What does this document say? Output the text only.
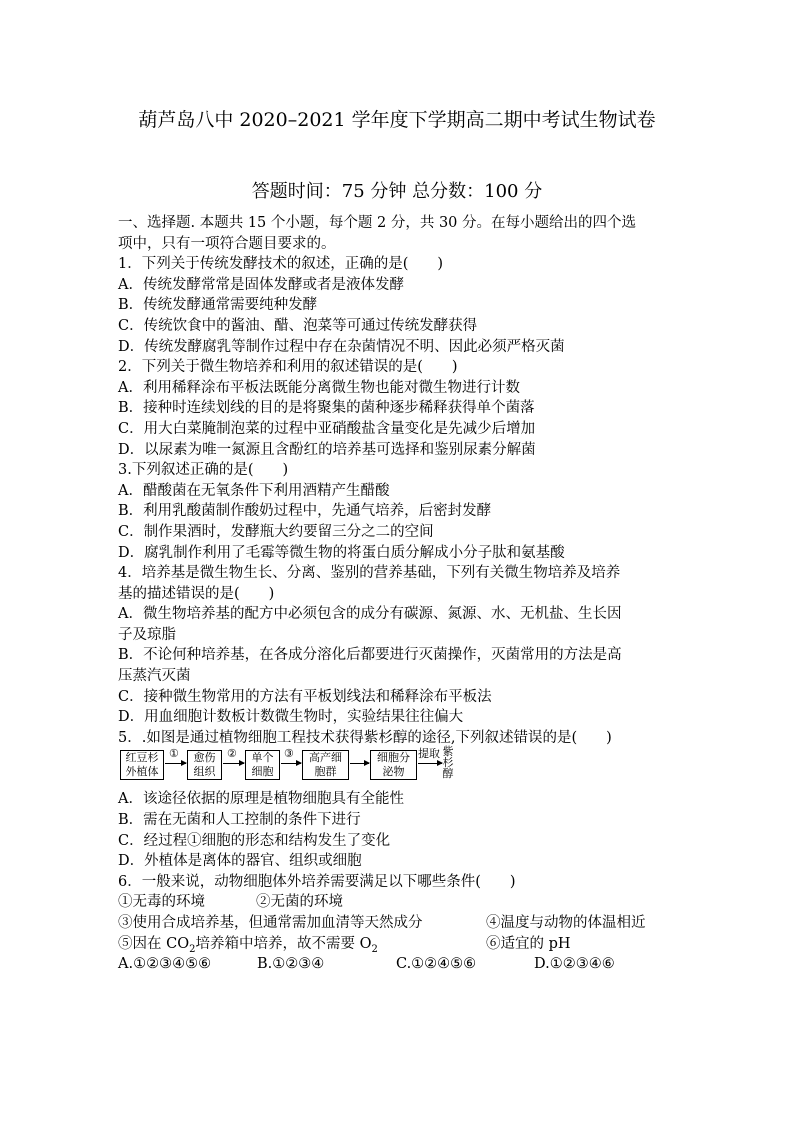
葫芦岛八中 2020–2021 学年度下学期高二期中考试生物试卷
答题时间：75 分钟 总分数：100 分
一、选择题. 本题共 15 个小题，每个题 2 分，共 30 分。在每小题给出的四个选
项中，只有一项符合题目要求的。
1．下列关于传统发酵技术的叙述，正确的是(　　)
A．传统发酵常常是固体发酵或者是液体发酵
B．传统发酵通常需要纯种发酵
C．传统饮食中的酱油、醋、泡菜等可通过传统发酵获得
D．传统发酵腐乳等制作过程中存在杂菌情况不明、因此必须严格灭菌
2．下列关于微生物培养和利用的叙述错误的是(　　)
A．利用稀释涂布平板法既能分离微生物也能对微生物进行计数
B．接种时连续划线的目的是将聚集的菌种逐步稀释获得单个菌落
C．用大白菜腌制泡菜的过程中亚硝酸盐含量变化是先减少后增加
D．以尿素为唯一氮源且含酚红的培养基可选择和鉴别尿素分解菌
3.下列叙述正确的是(　　)
A．醋酸菌在无氧条件下利用酒精产生醋酸
B．利用乳酸菌制作酸奶过程中，先通气培养，后密封发酵
C．制作果酒时，发酵瓶大约要留三分之二的空间
D．腐乳制作利用了毛霉等微生物的将蛋白质分解成小分子肽和氨基酸
4．培养基是微生物生长、分离、鉴别的营养基础，下列有关微生物培养及培养
基的描述错误的是(　　)
A．微生物培养基的配方中必须包含的成分有碳源、氮源、水、无机盐、生长因
子及琼脂
B．不论何种培养基，在各成分溶化后都要进行灭菌操作，灭菌常用的方法是高
压蒸汽灭菌
C．接种微生物常用的方法有平板划线法和稀释涂布平板法
D．用血细胞计数板计数微生物时，实验结果往往偏大
5．.如图是通过植物细胞工程技术获得紫杉醇的途径,下列叙述错误的是(　　)
红豆杉
外植体
①	愈伤
组织
②	单个
细胞
③	高产细
胞群
细胞分
泌物
提取 紫
杉
醇
A．该途径依据的原理是植物细胞具有全能性
B．需在无菌和人工控制的条件下进行
C．经过程①细胞的形态和结构发生了变化
D．外植体是离体的器官、组织或细胞
6．一般来说，动物细胞体外培养需要满足以下哪些条件(　　)
①无毒的环境	②无菌的环境
③使用合成培养基，但通常需加血清等天然成分	④温度与动物的体温相近
⑤因在 $CO_2$培养箱中培养，故不需要 $O_2$	⑥适宜的 pH
A.①②③④⑤⑥	B.①②③④	C.①②④⑤⑥	D.①②③④⑥
